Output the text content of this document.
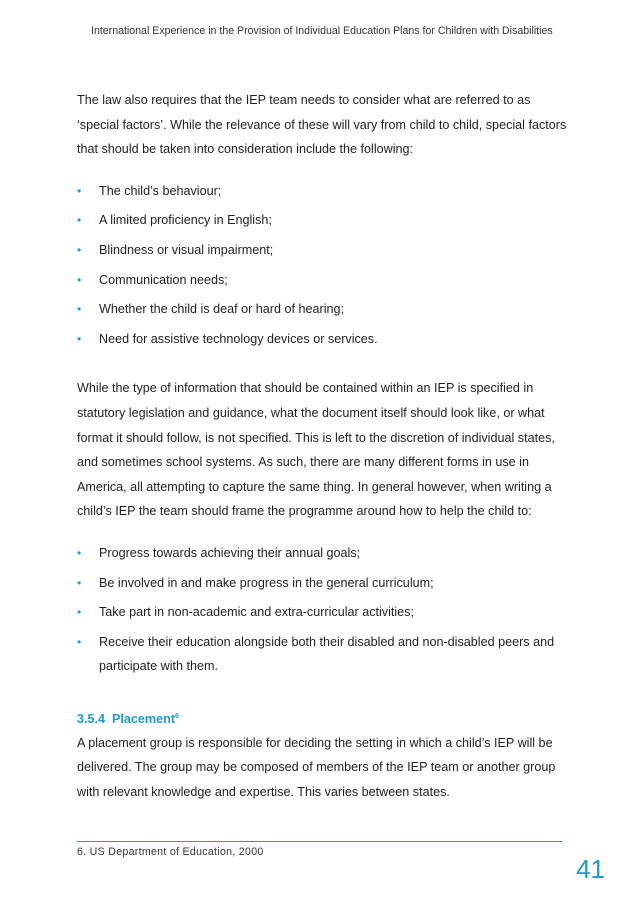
International Experience in the Provision of Individual Education Plans for Children with Disabilities

The law also requires that the IEP team needs to consider what are referred to as ‘special factors’. While the relevance of these will vary from child to child, special factors that should be taken into consideration include the following:

• The child’s behaviour;
• A limited proficiency in English;
• Blindness or visual impairment;
• Communication needs;
• Whether the child is deaf or hard of hearing;
• Need for assistive technology devices or services.

While the type of information that should be contained within an IEP is specified in statutory legislation and guidance, what the document itself should look like, or what format it should follow, is not specified. This is left to the discretion of individual states, and sometimes school systems. As such, there are many different forms in use in America, all attempting to capture the same thing. In general however, when writing a child’s IEP the team should frame the programme around how to help the child to:

• Progress towards achieving their annual goals;
• Be involved in and make progress in the general curriculum;
• Take part in non-academic and extra-curricular activities;
• Receive their education alongside both their disabled and non-disabled peers and participate with them.
3.5.4 Placement$^6$

A placement group is responsible for deciding the setting in which a child’s IEP will be delivered. The group may be composed of members of the IEP team or another group with relevant knowledge and expertise. This varies between states.

6. US Department of Education, 2000
41
